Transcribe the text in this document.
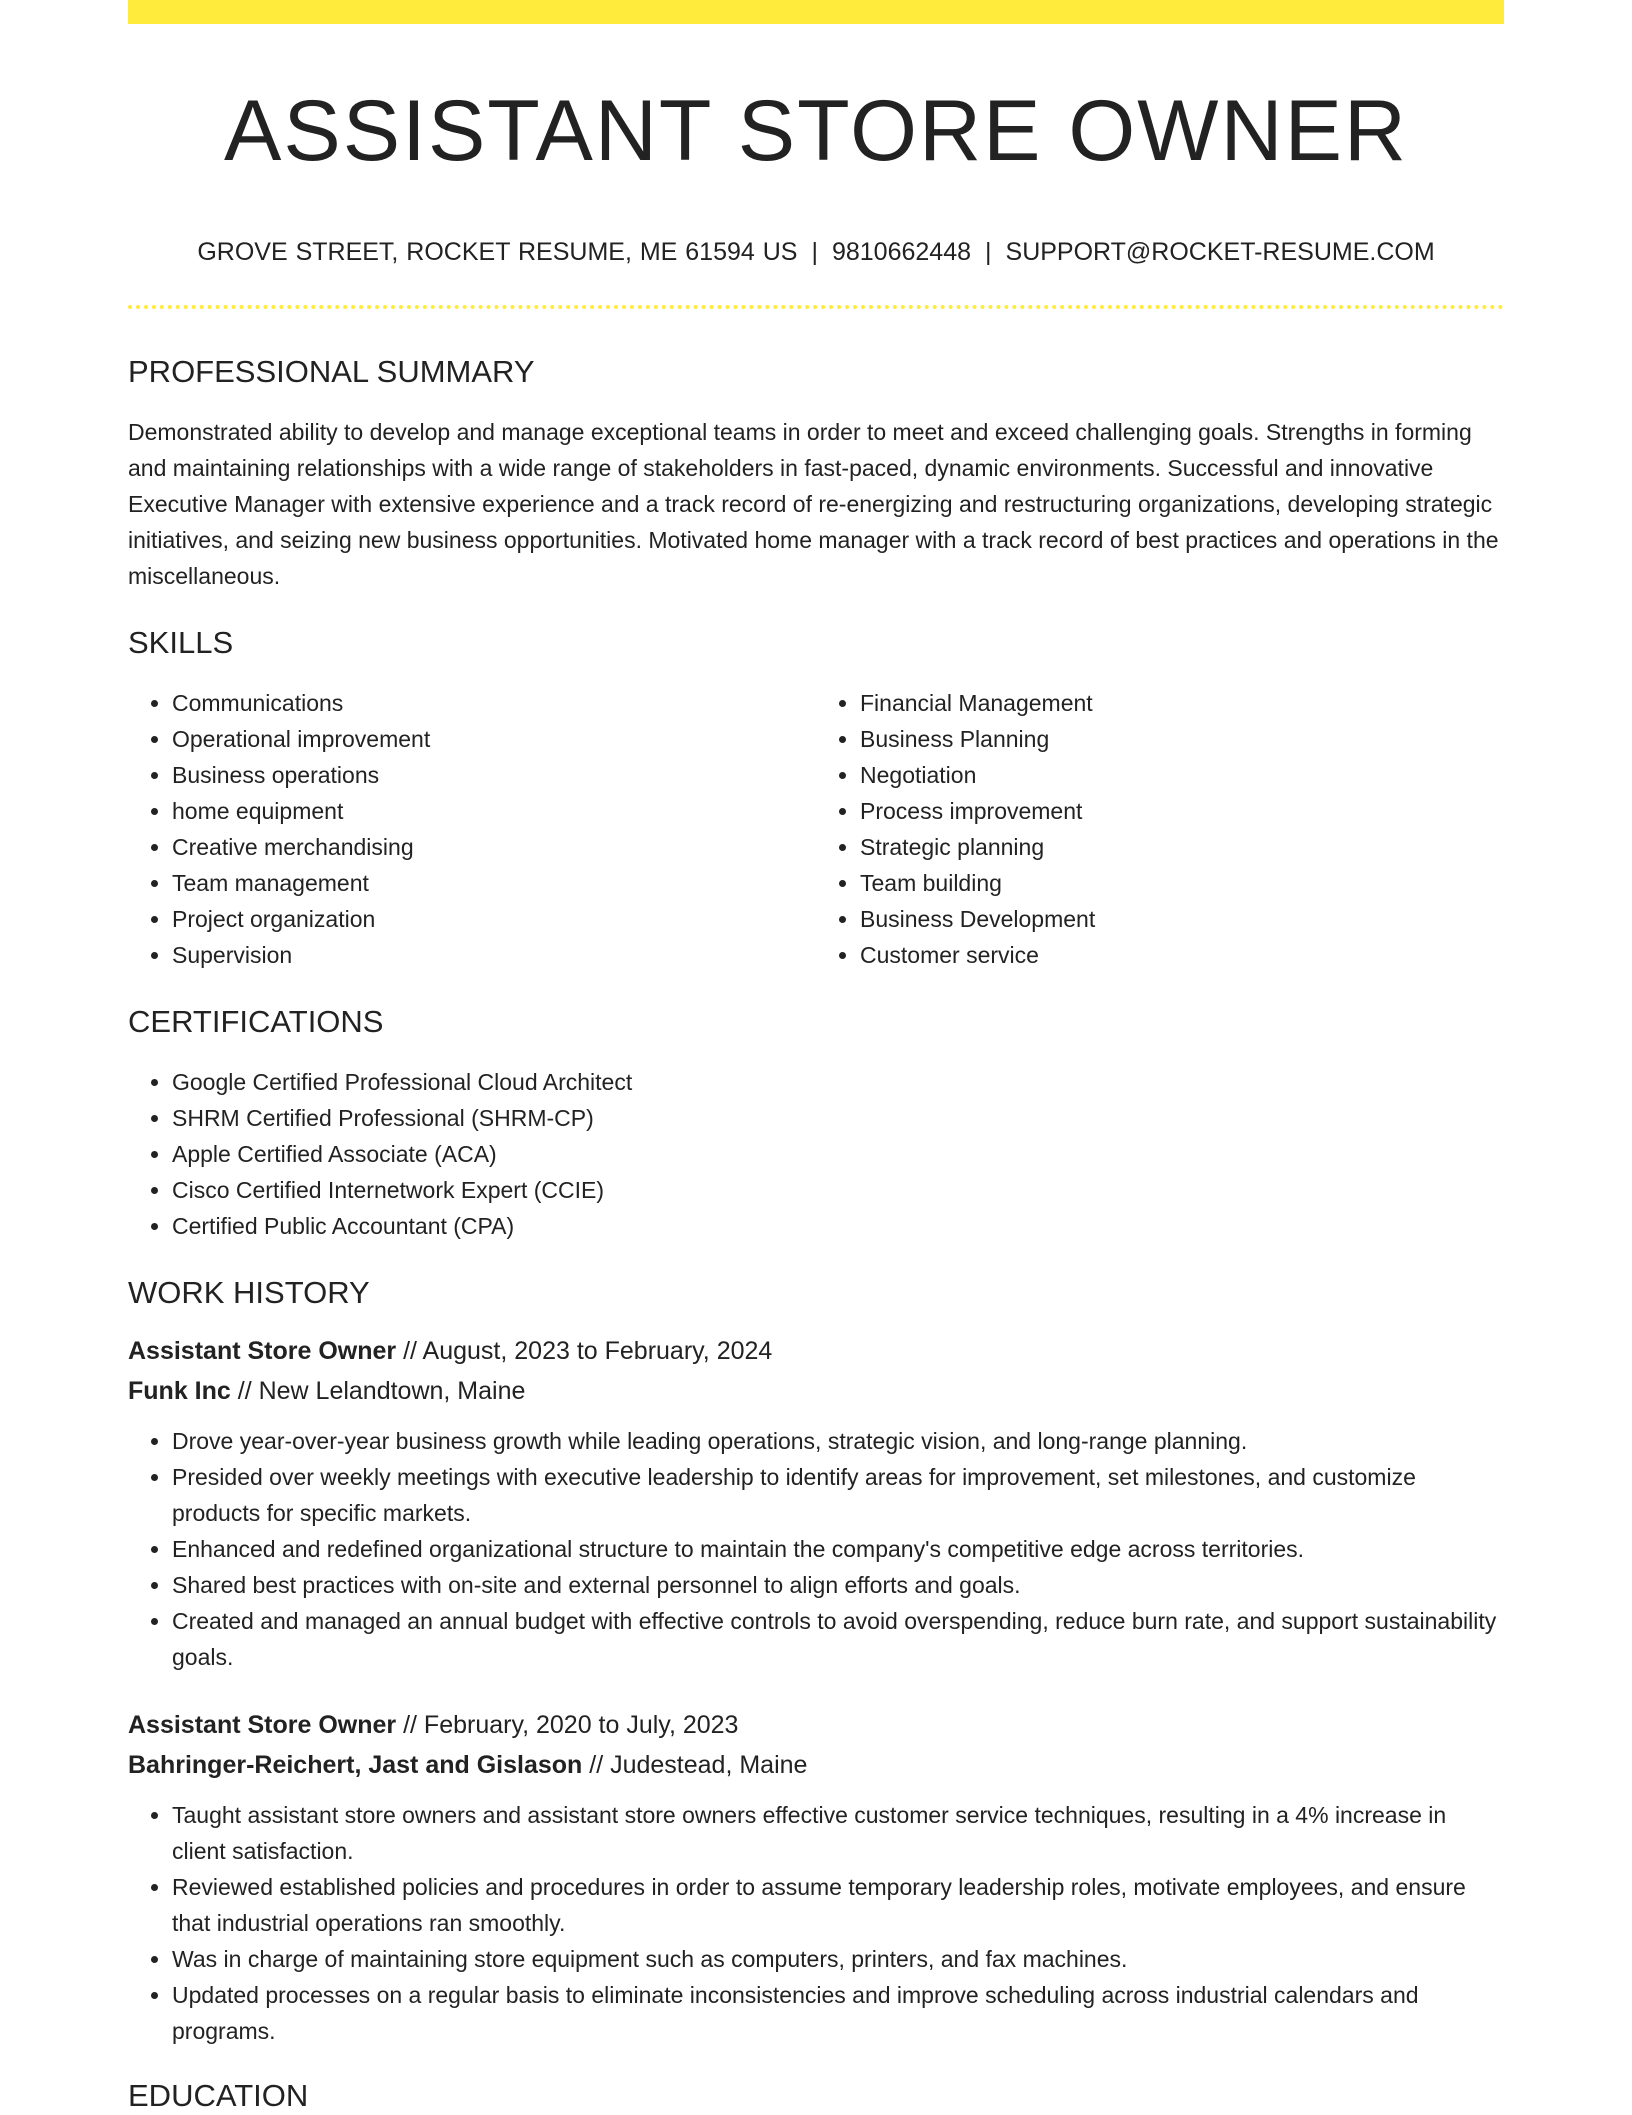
ASSISTANT STORE OWNER
GROVE STREET, ROCKET RESUME, ME 61594 US | 9810662448 | SUPPORT@ROCKET-RESUME.COM
PROFESSIONAL SUMMARY

Demonstrated ability to develop and manage exceptional teams in order to meet and exceed challenging goals. Strengths in forming and maintaining relationships with a wide range of stakeholders in fast-paced, dynamic environments. Successful and innovative Executive Manager with extensive experience and a track record of re-energizing and restructuring organizations, developing strategic initiatives, and seizing new business opportunities. Motivated home manager with a track record of best practices and operations in the miscellaneous.

SKILLS
• Communications
• Operational improvement
• Business operations
• home equipment
• Creative merchandising
• Team management
• Project organization
• Supervision
• Financial Management
• Business Planning
• Negotiation
• Process improvement
• Strategic planning
• Team building
• Business Development
• Customer service
CERTIFICATIONS
• Google Certified Professional Cloud Architect
• SHRM Certified Professional (SHRM-CP)
• Apple Certified Associate (ACA)
• Cisco Certified Internetwork Expert (CCIE)
• Certified Public Accountant (CPA)
WORK HISTORY

Assistant Store Owner // August, 2023 to February, 2024

Funk Inc // New Lelandtown, Maine

• Drove year-over-year business growth while leading operations, strategic vision, and long-range planning.
• Presided over weekly meetings with executive leadership to identify areas for improvement, set milestones, and customize products for specific markets.
• Enhanced and redefined organizational structure to maintain the company's competitive edge across territories.
• Shared best practices with on-site and external personnel to align efforts and goals.
• Created and managed an annual budget with effective controls to avoid overspending, reduce burn rate, and support sustainability goals.

Assistant Store Owner // February, 2020 to July, 2023

Bahringer-Reichert, Jast and Gislason // Judestead, Maine

• Taught assistant store owners and assistant store owners effective customer service techniques, resulting in a 4% increase in client satisfaction.
• Reviewed established policies and procedures in order to assume temporary leadership roles, motivate employees, and ensure that industrial operations ran smoothly.
• Was in charge of maintaining store equipment such as computers, printers, and fax machines.
• Updated processes on a regular basis to eliminate inconsistencies and improve scheduling across industrial calendars and programs.
EDUCATION
